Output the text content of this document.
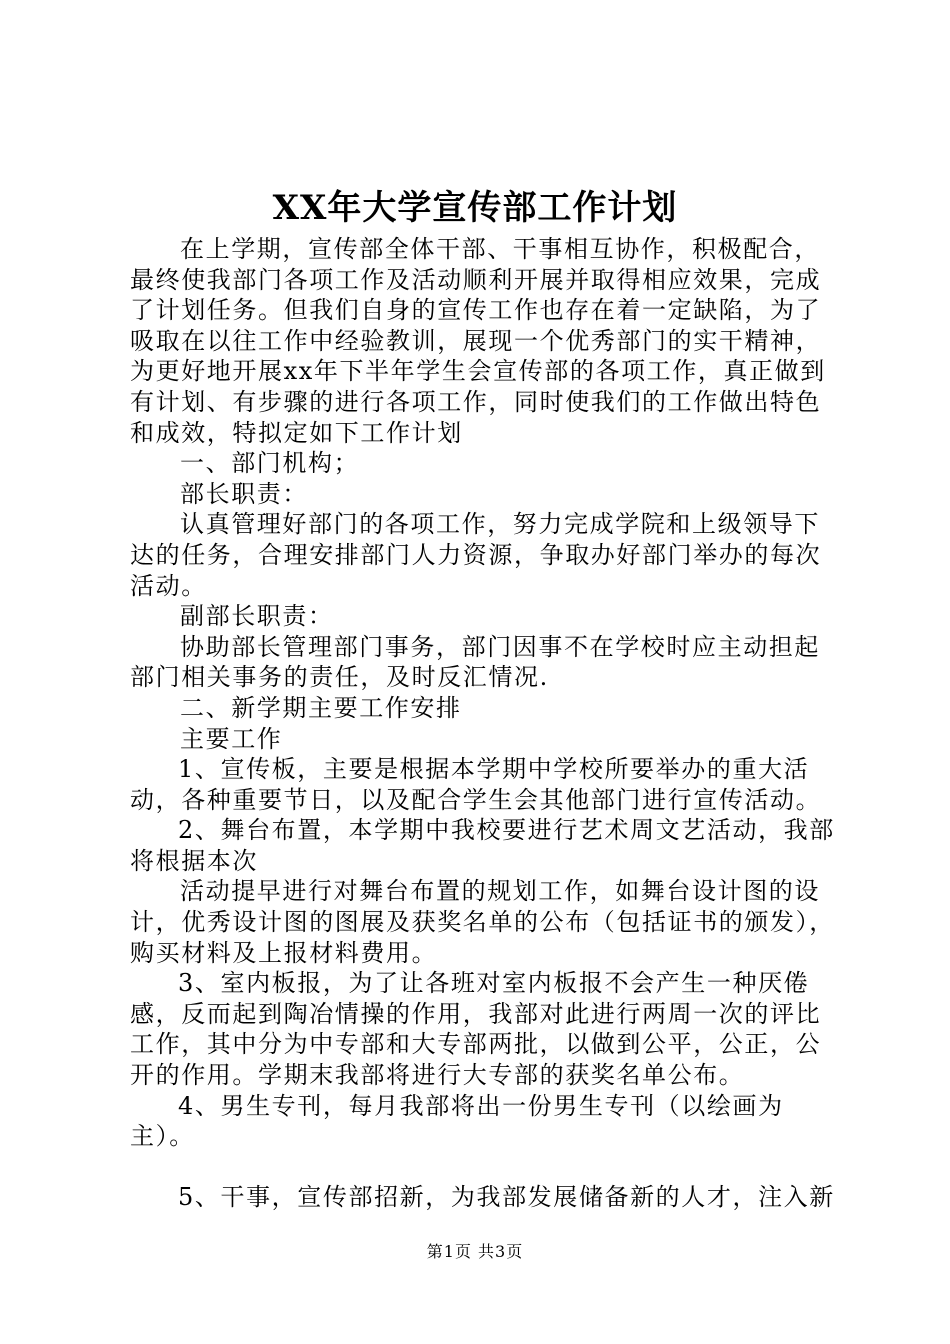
XX年大学宣传部工作计划

在上学期，宣传部全体干部、干事相互协作，积极配合，最终使我部门各项工作及活动顺利开展并取得相应效果，完成了计划任务。但我们自身的宣传工作也存在着一定缺陷，为了吸取在以往工作中经验教训，展现一个优秀部门的实干精神，为更好地开展xx年下半年学生会宣传部的各项工作，真正做到有计划、有步骤的进行各项工作，同时使我们的工作做出特色和成效，特拟定如下工作计划

一、部门机构；

部长职责：

认真管理好部门的各项工作，努力完成学院和上级领导下达的任务，合理安排部门人力资源，争取办好部门举办的每次活动。

副部长职责：

协助部长管理部门事务，部门因事不在学校时应主动担起部门相关事务的责任，及时反汇情况.

二、新学期主要工作安排

主要工作

1、宣传板，主要是根据本学期中学校所要举办的重大活动，各种重要节日，以及配合学生会其他部门进行宣传活动。

2、舞台布置，本学期中我校要进行艺术周文艺活动，我部将根据本次

活动提早进行对舞台布置的规划工作，如舞台设计图的设计，优秀设计图的图展及获奖名单的公布（包括证书的颁发），购买材料及上报材料费用。

3、室内板报，为了让各班对室内板报不会产生一种厌倦感，反而起到陶冶情操的作用，我部对此进行两周一次的评比工作，其中分为中专部和大专部两批，以做到公平，公正，公开的作用。学期末我部将进行大专部的获奖名单公布。

4、男生专刊，每月我部将出一份男生专刊（以绘画为主）。

5、干事，宣传部招新，为我部发展储备新的人才，注入新

第1页 共3页
